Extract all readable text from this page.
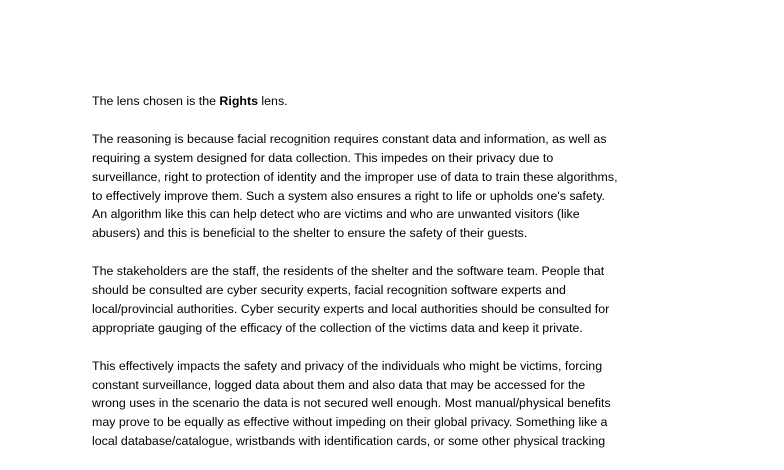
The lens chosen is the Rights lens.

The reasoning is because facial recognition requires constant data and information, as well as
requiring a system designed for data collection. This impedes on their privacy due to
surveillance, right to protection of identity and the improper use of data to train these algorithms,
to effectively improve them. Such a system also ensures a right to life or upholds one's safety.
An algorithm like this can help detect who are victims and who are unwanted visitors (like
abusers) and this is beneficial to the shelter to ensure the safety of their guests.

The stakeholders are the staff, the residents of the shelter and the software team. People that
should be consulted are cyber security experts, facial recognition software experts and
local/provincial authorities. Cyber security experts and local authorities should be consulted for
appropriate gauging of the efficacy of the collection of the victims data and keep it private.

This effectively impacts the safety and privacy of the individuals who might be victims, forcing
constant surveillance, logged data about them and also data that may be accessed for the
wrong uses in the scenario the data is not secured well enough. Most manual/physical benefits
may prove to be equally as effective without impeding on their global privacy. Something like a
local database/catalogue, wristbands with identification cards, or some other physical tracking
